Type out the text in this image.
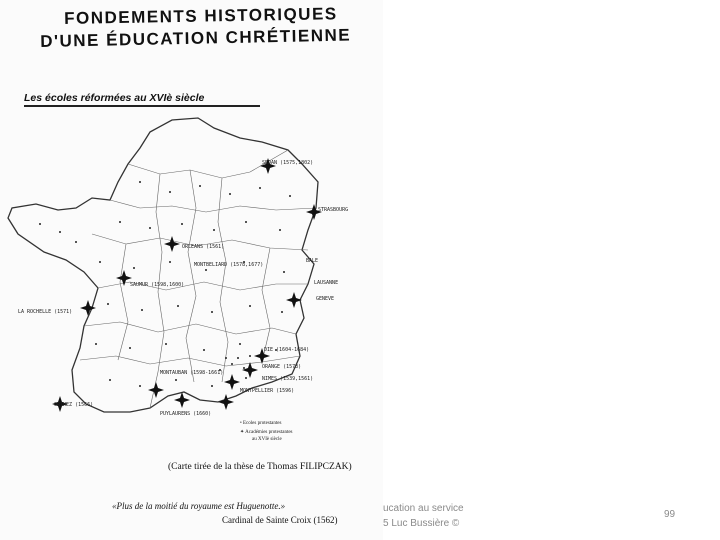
FONDEMENTS HISTORIQUES
D'UNE ÉDUCATION CHRÉTIENNE
Les écoles réformées au XVIè siècle
SEDAN (1575,1802)
STRASBOURG
ORLEANS (1561)
MONTBELIARD (1578,1677)
BALE
LAUSANNE
GENEVE
SAUMUR (1598,1600)
LA ROCHELLE (1571)
DIE (1604-1684)
ORANGE (1573)
NIMES (1539,1561)
MONTPELLIER (1596)
MONTAUBAN (1598-1661)
PUYLAURENS (1660)
ORTHEZ (1566)
• Ecoles protestantes
✦ Académies protestantes
au XVIè siècle
(Carte tirée de la thèse de Thomas FILIPCZAK)
«Plus de la moitié du royaume est Huguenotte.»
Cardinal de Sainte Croix (1562)
ucation au service
5 Luc Bussière ©
99
